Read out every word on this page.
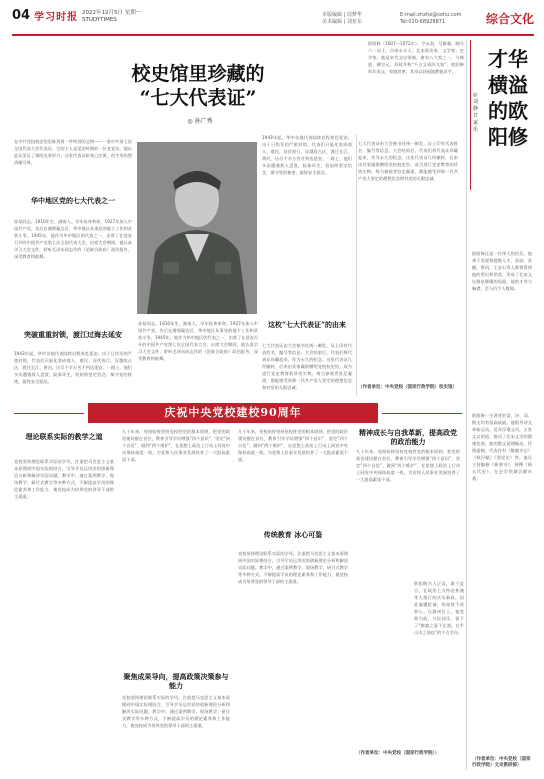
04 学习时报 2022年12月5日 星期一
STUDYTIMES
本版编辑 | 周梦华
美术编辑 | 刘亚东
E-mail:zhxhx@sohu.com
Tel:010-68928871	综合文化
校史馆里珍藏的
“七大代表证”
◎ 孙广秀
在中共党校校史馆里陈列着一件特别的文物——一张中共第七次全国代表大会代表证。它的主人是延安时期的一位老党员，他以此证见证了那段光荣岁月。这张代表证纸张已泛黄，但字迹仍然清晰可辨。
华中地区党的七大代表之一
孙某同志，1910年生，湖南人。早年投身革命，1927年加入中国共产党，先后在湘鄂赣边区、华中地区从事党的地下工作和武装斗争。1945年，他作为华中地区的代表之一，出席了在延安召开的中国共产党第七次全国代表大会。出席大会期间，他认真学习大会文件，聆听毛泽东同志作的《论联合政府》政治报告，深受教育和鼓舞。
突破重重封锁，渡江过海去延安
1943年起，华中各地代表陆续启程奔赴延安。由于日伪军的严密封锁，代表们只能化装成商人、难民，昼伏夜行，穿越敌占区，渡过长江、黄河，历尽千辛万苦才到达延安。一路上，他们多次遭遇敌人盘查，险象环生，但始终坚定信念，保守党的秘密，最终安全抵达。
1943年起，华中各地代表陆续启程奔赴延安。由于日伪军的严密封锁，代表们只能化装成商人、难民，昼伏夜行，穿越敌占区，渡过长江、黄河，历尽千辛万苦才到达延安。一路上，他们多次遭遇敌人盘查，险象环生，但始终坚定信念，保守党的秘密，最终安全抵达。
孙某同志，1910年生，湖南人。早年投身革命，1927年加入中国共产党，先后在湘鄂赣边区、华中地区从事党的地下工作和武装斗争。1945年，他作为华中地区的代表之一，出席了在延安召开的中国共产党第七次全国代表大会。出席大会期间，他认真学习大会文件，聆听毛泽东同志作的《论联合政府》政治报告，深受教育和鼓舞。
这枚“七大代表证”的由来
七大代表证由大会秘书处统一制发，证上印有代表姓名、编号等信息。大会结束后，代表们将代表证珍藏起来，作为永久的纪念。这张代表证几经辗转，后来由其家属捐赠给党校校史馆，成为进行党史教育的珍贵实物。每当参观者驻足凝望，都能感受到那一代共产党人坚定的理想信念和对党的无限忠诚。
七大代表证由大会秘书处统一制发，证上印有代表姓名、编号等信息。大会结束后，代表们将代表证珍藏起来，作为永久的纪念。这张代表证几经辗转，后来由其家属捐赠给党校校史馆，成为进行党史教育的珍贵实物。每当参观者驻足凝望，都能感受到那一代共产党人坚定的理想信念和对党的无限忠诚。
（作者单位：中央党校（国家行政学院）校史馆）
庆祝中央党校建校90周年
理论联系实际的教学之道
党校坚持理论联系实际的学风，注重把马克思主义基本原理同中国实际相结合，引导学员运用党的创新理论分析和解决实际问题。教学中，通过案例教学、现场教学、研讨式教学等多种方式，不断提高学员的理论素养和工作能力，使党校成为培养党的领导干部的主渠道。
九十年来，党校始终坚持党校姓党的根本原则，把党的政治建设摆在首位，教育引导学员增强“四个意识”、坚定“四个自信”、做到“两个维护”，在思想上政治上行动上同党中央保持高度一致，为党和人民事业发展培养了一大批高素质干部。
聚焦成果导向，提高政策决策参与能力
党校坚持理论联系实际的学风，注重把马克思主义基本原理同中国实际相结合，引导学员运用党的创新理论分析和解决实际问题。教学中，通过案例教学、现场教学、研讨式教学等多种方式，不断提高学员的理论素养和工作能力，使党校成为培养党的领导干部的主渠道。
九十年来，党校始终坚持党校姓党的根本原则，把党的政治建设摆在首位，教育引导学员增强“四个意识”、坚定“四个自信”、做到“两个维护”，在思想上政治上行动上同党中央保持高度一致，为党和人民事业发展培养了一大批高素质干部。
传统教育 冰心可鉴
党校坚持理论联系实际的学风，注重把马克思主义基本原理同中国实际相结合，引导学员运用党的创新理论分析和解决实际问题。教学中，通过案例教学、现场教学、研讨式教学等多种方式，不断提高学员的理论素养和工作能力，使党校成为培养党的领导干部的主渠道。
精神成长与自我革新，提高政党的政治能力
九十年来，党校始终坚持党校姓党的根本原则，把党的政治建设摆在首位，教育引导学员增强“四个意识”、坚定“四个自信”、做到“两个维护”，在思想上政治上行动上同党中央保持高度一致，为党和人民事业发展培养了一大批高素质干部。
（作者单位：中央党校（国家行政学院））
才华横溢的欧阳修
◎刘静 甘家乐
欧阳修（1007—1072年），字永叔，号醉翁，晚号六一居士，吉州永丰人，北宋政治家、文学家、史学家。他是宋代文坛领袖，唐宋八大家之一，与韩愈、柳宗元、苏轼并称“千古文章四大家”。欧阳修幼年丧父，家境贫寒，其母以荻画地教他识字。
欧阳修还是一位伟大的伯乐。他善于发现和提携人才，苏轼、苏辙、曾巩、王安石等人都曾得到他的赏识和举荐，形成了北宋文坛群星璀璨的局面。他的才华与胸襟，至今仍令人敬仰。
欧阳修一生著述宏富，诗、词、散文均有很高成就。他倡导诗文革新运动，反对浮靡文风，主张文以明道，推动了北宋文学的健康发展。他的散文说理畅达，抒情委婉，代表作有《醉翁亭记》《秋声赋》《朋党论》等。他还主持编修《新唐书》，独撰《新五代史》，在史学领域贡献卓著。
欧阳修为人正直，敢于直言，在政治上支持范仲淹等人推行的庆历新政，因此屡遭贬谪，但始终不改初心。在滁州任上，他宽简为政，与民同乐，留下了“醉翁之意不在酒，在乎山水之间也”的千古名句。
（作者单位：中央党校（国家行政学院）文史教研部）
